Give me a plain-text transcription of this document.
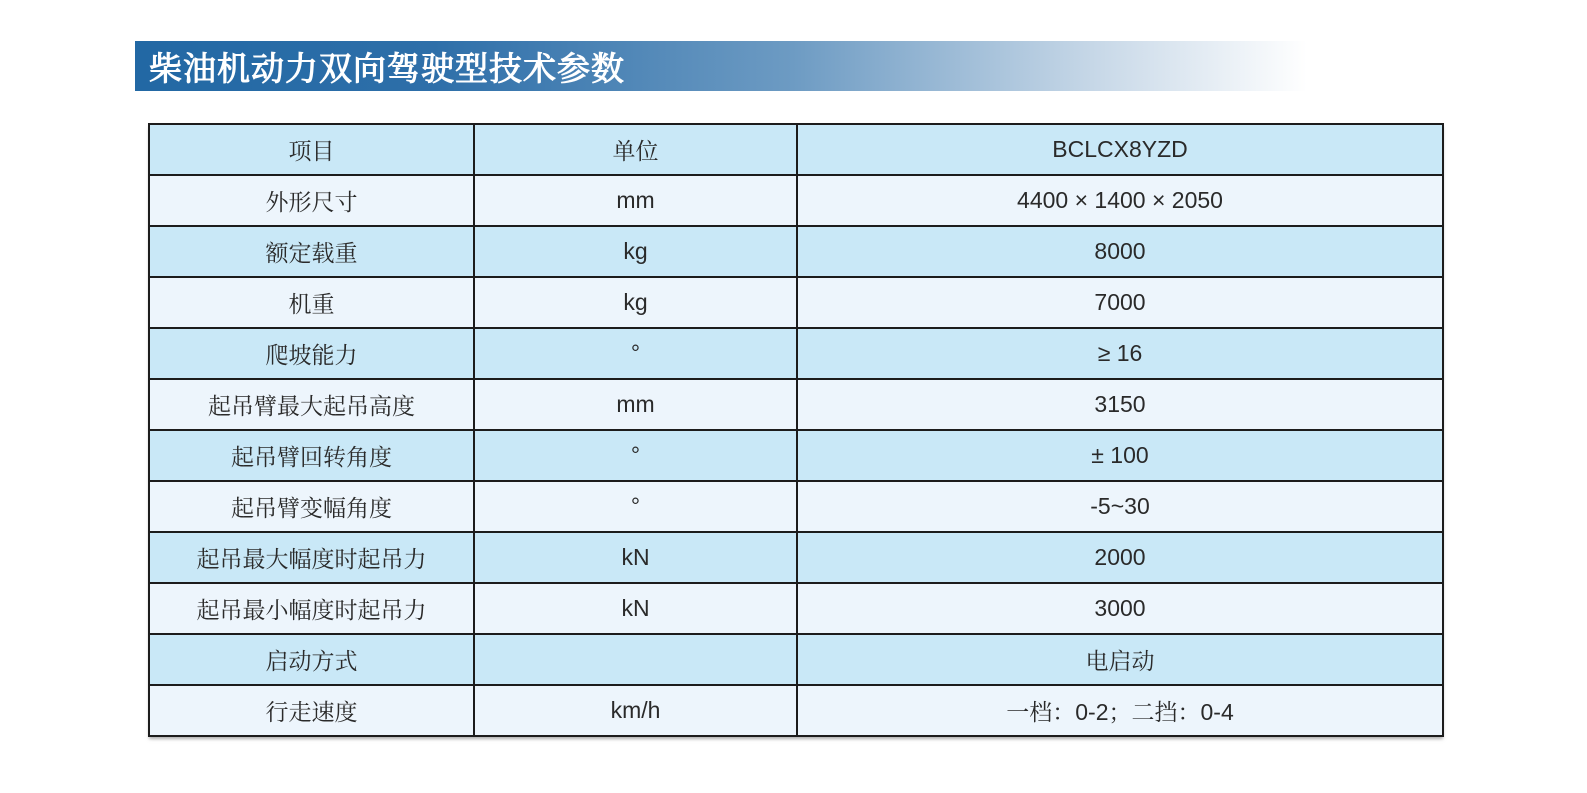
柴油机动力双向驾驶型技术参数
项目	单位	BCLCX8YZD
外形尺寸	mm	4400 × 1400 × 2050
额定载重	kg	8000
机重	kg	7000
爬坡能力	°	≥ 16
起吊臂最大起吊高度	mm	3150
起吊臂回转角度	°	± 100
起吊臂变幅角度	°	-5~30
起吊最大幅度时起吊力	kN	2000
起吊最小幅度时起吊力	kN	3000
启动方式		电启动
行走速度	km/h	一档：0-2；二挡：0-4
